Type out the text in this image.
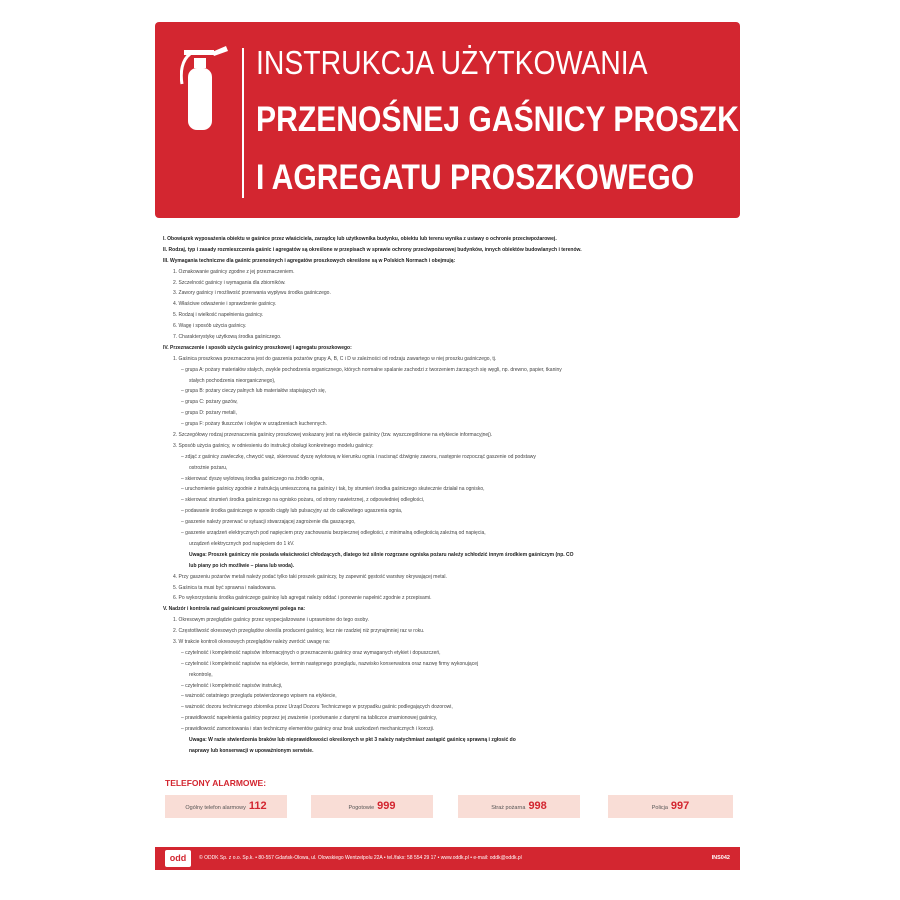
INSTRUKCJA UŻYTKOWANIA
PRZENOŚNEJ GAŚNICY PROSZKOWEJ
I AGREGATU PROSZKOWEGO
I. Obowiązek wyposażenia obiektu w gaśnice przez właściciela, zarządcę lub użytkownika budynku, obiektu lub terenu wynika z ustawy o ochronie przeciwpożarowej.
II. Rodzaj, typ i zasady rozmieszczenia gaśnic i agregatów są określone w przepisach w sprawie ochrony przeciwpożarowej budynków, innych obiektów budowlanych i terenów.
III. Wymagania techniczne dla gaśnic przenośnych i agregatów proszkowych określone są w Polskich Normach i obejmują:
1. Oznakowanie gaśnicy zgodne z jej przeznaczeniem.
2. Szczelność gaśnicy i wymagania dla zbiorników.
3. Zawory gaśnicy i możliwość przerwania wypływu środka gaśniczego.
4. Właściwe odważenie i sprawdzenie gaśnicy.
5. Rodzaj i wielkość napełnienia gaśnicy.
6. Wagę i sposób użycia gaśnicy.
7. Charakterystykę użytkową środka gaśniczego.
IV. Przeznaczenie i sposób użycia gaśnicy proszkowej i agregatu proszkowego:
1. Gaśnica proszkowa przeznaczona jest do gaszenia pożarów grupy A, B, C i D w zależności od rodzaju zawartego w niej proszku gaśniczego, tj.
– grupa A: pożary materiałów stałych, zwykle pochodzenia organicznego, których normalne spalanie zachodzi z tworzeniem żarzących się węgli, np. drewno, papier, tkaniny
stałych pochodzenia nieorganicznego),
– grupa B: pożary cieczy palnych lub materiałów stapiających się,
– grupa C: pożary gazów,
– grupa D: pożary metali,
– grupa F: pożary tłuszczów i olejów w urządzeniach kuchennych.
2. Szczegółowy rodzaj przeznaczenia gaśnicy proszkowej wskazany jest na etykiecie gaśnicy (tzw. wyszczególnione na etykiecie informacyjnej).
3. Sposób użycia gaśnicy, w odniesieniu do instrukcji obsługi konkretnego modelu gaśnicy:
– zdjąć z gaśnicy zawleczkę, chwycić wąż, skierować dyszę wylotową w kierunku ognia i nacisnąć dźwignię zaworu, następnie rozpocząć gaszenie od podstawy
ostrożnie pożaru,
– skierować dyszę wylotową środka gaśniczego na źródło ognia,
– uruchomienie gaśnicy zgodnie z instrukcją umieszczoną na gaśnicy i tak, by strumień środka gaśniczego skutecznie działał na ognisko,
– skierować strumień środka gaśniczego na ognisko pożaru, od strony nawietrznej, z odpowiedniej odległości,
– podawanie środka gaśniczego w sposób ciągły lub pulsacyjny aż do całkowitego ugaszenia ognia,
– gaszenie należy przerwać w sytuacji stwarzającej zagrożenie dla gaszącego,
– gaszenie urządzeń elektrycznych pod napięciem przy zachowaniu bezpiecznej odległości, z minimalną odległością zależną od napięcia,
urządzeń elektrycznych pod napięciem do 1 kV.
Uwaga: Proszek gaśniczy nie posiada właściwości chłodzących, dlatego też silnie rozgrzane ogniska pożaru należy schłodzić innym środkiem gaśniczym (np. CO
lub piany po ich możliwie – piana lub woda).
4. Przy gaszeniu pożarów metali należy podać tylko taki proszek gaśniczy, by zapewnić gęstość warstwy okrywającej metal.
5. Gaśnica ta musi być sprawna i naładowana.
6. Po wykorzystaniu środka gaśniczego gaśnicę lub agregat należy oddać i ponownie napełnić zgodnie z przepisami.
V. Nadzór i kontrola nad gaśnicami proszkowymi polega na:
1. Okresowym przeglądzie gaśnicy przez wyspecjalizowane i uprawnione do tego osoby.
2. Częstotliwość okresowych przeglądów określa producent gaśnicy, lecz nie rzadziej niż przynajmniej raz w roku.
3. W trakcie kontroli okresowych przeglądów należy zwrócić uwagę na:
– czytelność i kompletność napisów informacyjnych o przeznaczeniu gaśnicy oraz wymaganych etykiet i dopuszczeń,
– czytelność i kompletność napisów na etykiecie, termin następnego przeglądu, nazwisko konserwatora oraz nazwę firmy wykonującej
rekontrolę,
– czytelność i kompletność napisów instrukcji,
– ważność ostatniego przeglądu potwierdzonego wpisem na etykiecie,
– ważność dozoru technicznego zbiornika przez Urząd Dozoru Technicznego w przypadku gaśnic podlegających dozorowi,
– prawidłowość napełnienia gaśnicy poprzez jej zważenie i porównanie z danymi na tabliczce znamionowej gaśnicy,
– prawidłowość zamontowania i stan techniczny elementów gaśnicy oraz brak uszkodzeń mechanicznych i korozji.
Uwaga: W razie stwierdzenia braków lub nieprawidłowości określonych w pkt 3 należy natychmiast zastąpić gaśnicę sprawną i zgłosić do
naprawy lub konserwacji w upoważnionym serwisie.
TELEFONY ALARMOWE:
Ogólny telefon alarmowy 112	Pogotowie 999	Straż pożarna 998	Policja 997
odd	© ODDK Sp. z o.o. Sp.k. • 80-557 Gdańsk-Olowa, ul. Olowskiego Wentzelpolu 22A • tel./faks: 58 554 29 17 • www.oddk.pl • e-mail: oddk@oddk.pl	INS042
